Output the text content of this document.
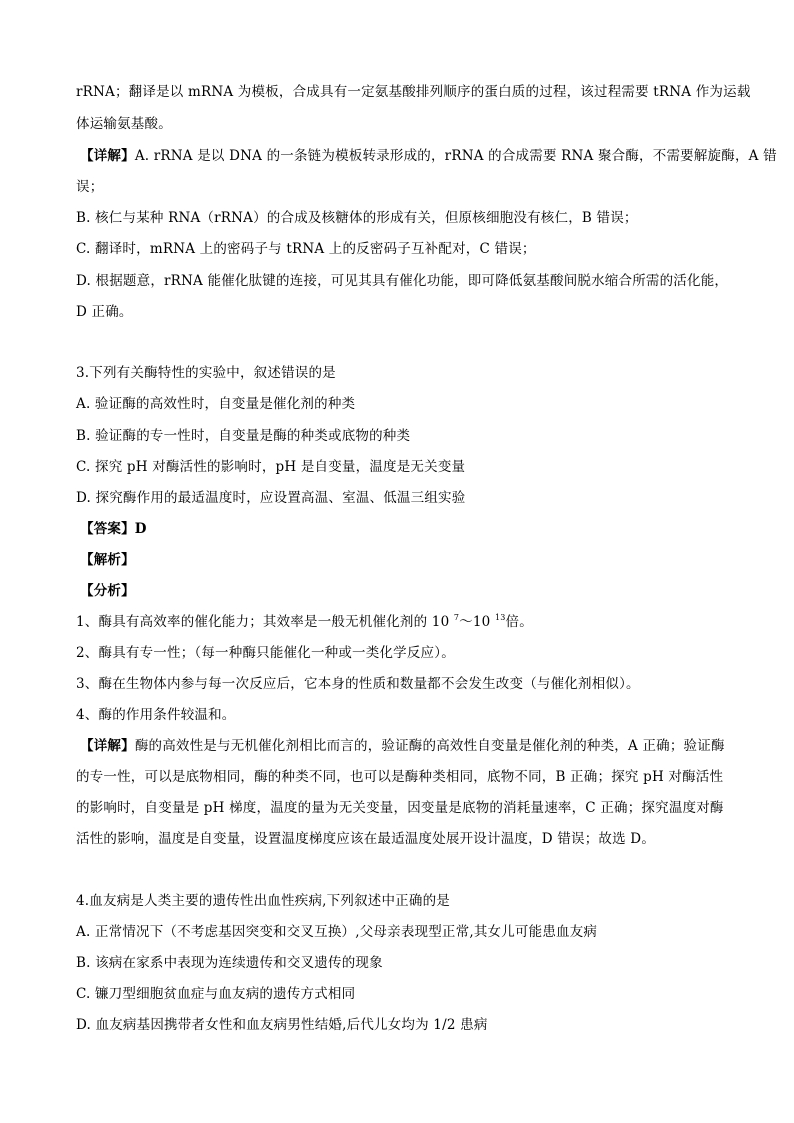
rRNA；翻译是以 mRNA 为模板，合成具有一定氨基酸排列顺序的蛋白质的过程，该过程需要 tRNA 作为运载
体运输氨基酸。
【详解】A. rRNA 是以 DNA 的一条链为模板转录形成的，rRNA 的合成需要 RNA 聚合酶，不需要解旋酶，A 错
误；
B. 核仁与某种 RNA（rRNA）的合成及核糖体的形成有关，但原核细胞没有核仁，B 错误；
C. 翻译时，mRNA 上的密码子与 tRNA 上的反密码子互补配对，C 错误；
D. 根据题意，rRNA 能催化肽键的连接，可见其具有催化功能，即可降低氨基酸间脱水缩合所需的活化能，
D 正确。
3.下列有关酶特性的实验中，叙述错误的是
A. 验证酶的高效性时，自变量是催化剂的种类
B. 验证酶的专一性时，自变量是酶的种类或底物的种类
C. 探究 pH 对酶活性的影响时，pH 是自变量，温度是无关变量
D. 探究酶作用的最适温度时，应设置高温、室温、低温三组实验
【答案】D
【解析】
【分析】
1、酶具有高效率的催化能力；其效率是一般无机催化剂的 10 $^7$～10 $^{13}$倍。
2、酶具有专一性；（每一种酶只能催化一种或一类化学反应）。
3、酶在生物体内参与每一次反应后，它本身的性质和数量都不会发生改变（与催化剂相似）。
4、酶的作用条件较温和。
【详解】酶的高效性是与无机催化剂相比而言的，验证酶的高效性自变量是催化剂的种类，A 正确；验证酶
的专一性，可以是底物相同，酶的种类不同，也可以是酶种类相同，底物不同，B 正确；探究 pH 对酶活性
的影响时，自变量是 pH 梯度，温度的量为无关变量，因变量是底物的消耗量速率，C 正确；探究温度对酶
活性的影响，温度是自变量，设置温度梯度应该在最适温度处展开设计温度，D 错误；故选 D。
4.血友病是人类主要的遗传性出血性疾病,下列叙述中正确的是
A. 正常情况下（不考虑基因突变和交叉互换）,父母亲表现型正常,其女儿可能患血友病
B. 该病在家系中表现为连续遗传和交叉遗传的现象
C. 镰刀型细胞贫血症与血友病的遗传方式相同
D. 血友病基因携带者女性和血友病男性结婚,后代儿女均为 1/2 患病
